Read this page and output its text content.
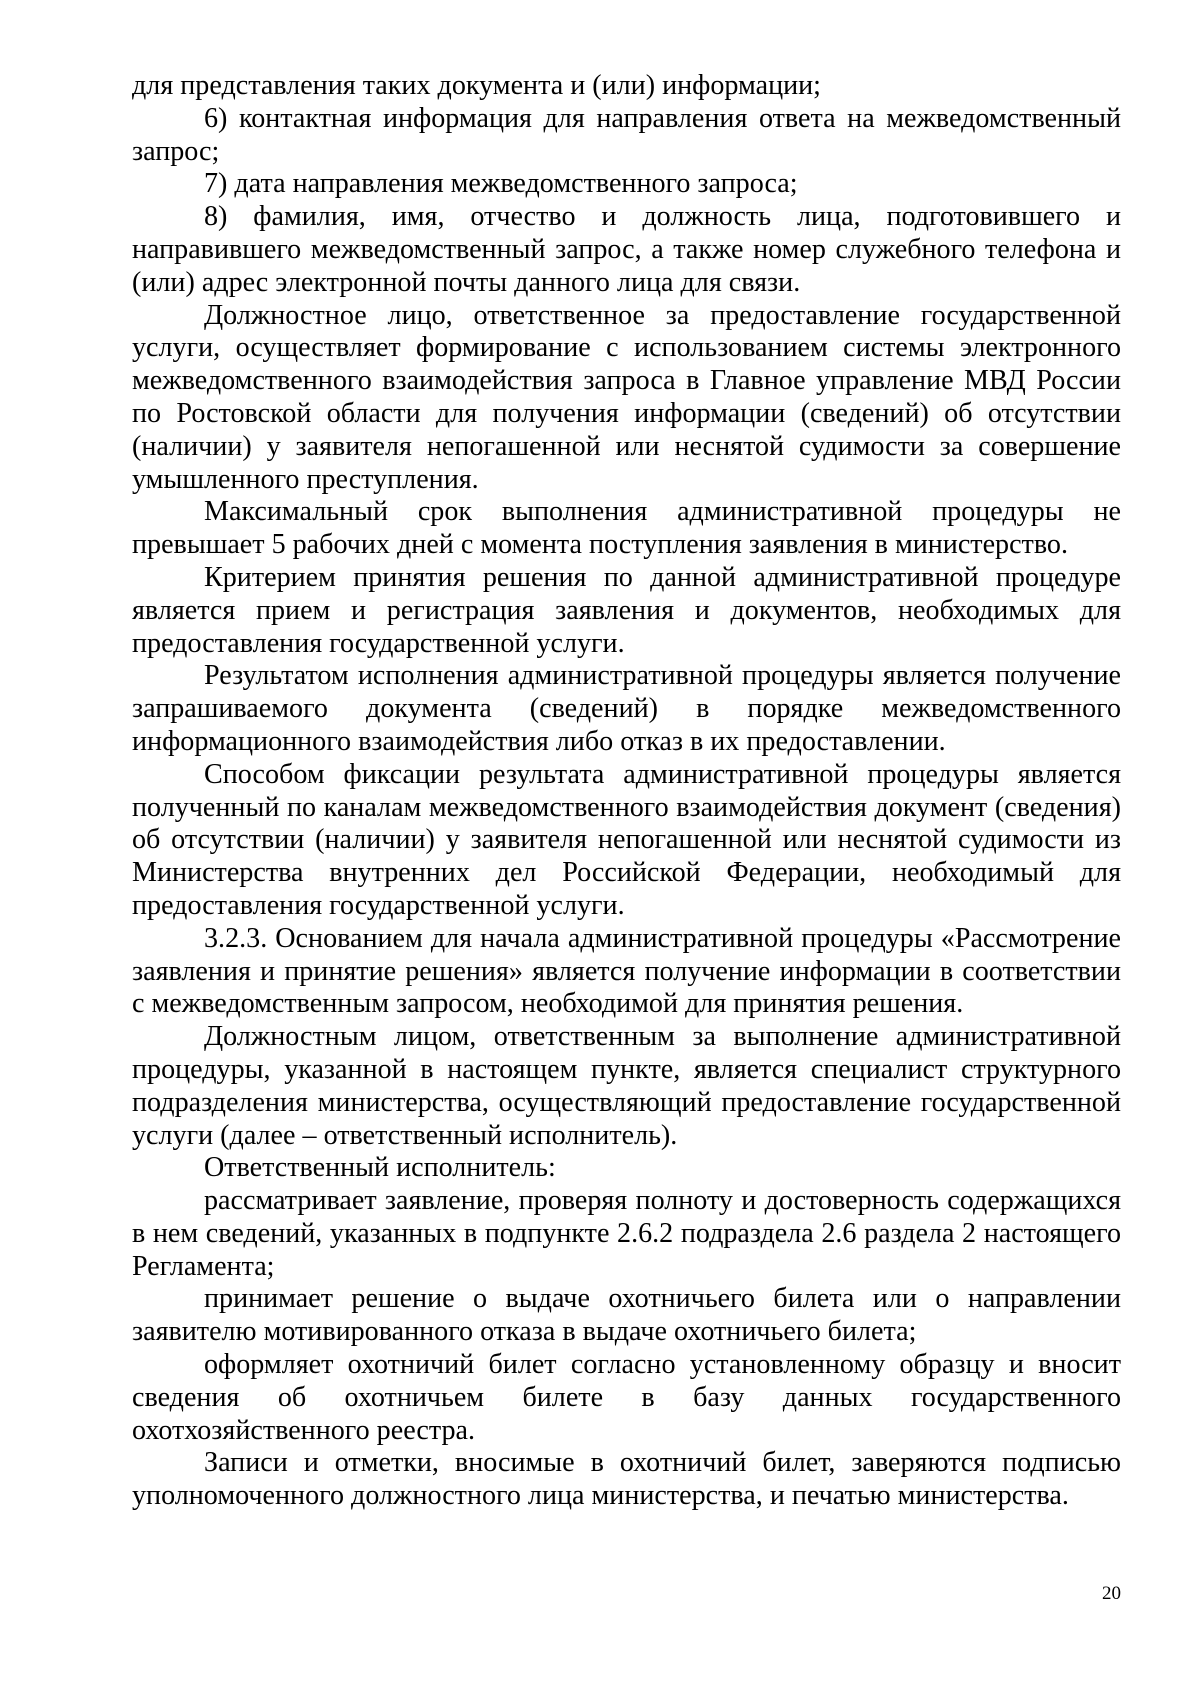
для представления таких документа и (или) информации;

6) контактная информация для направления ответа на межведомственный запрос;

7) дата направления межведомственного запроса;

8) фамилия, имя, отчество и должность лица, подготовившего и направившего межведомственный запрос, а также номер служебного телефона и (или) адрес электронной почты данного лица для связи.

Должностное лицо, ответственное за предоставление государственной услуги, осуществляет формирование с использованием системы электронного межведомственного взаимодействия запроса в Главное управление МВД России по Ростовской области для получения информации (сведений) об отсутствии (наличии) у заявителя непогашенной или неснятой судимости за совершение умышленного преступления.

Максимальный срок выполнения административной процедуры не превышает 5 рабочих дней с момента поступления заявления в министерство.

Критерием принятия решения по данной административной процедуре является прием и регистрация заявления и документов, необходимых для предоставления государственной услуги.

Результатом исполнения административной процедуры является получение запрашиваемого документа (сведений) в порядке межведомственного информационного взаимодействия либо отказ в их предоставлении.

Способом фиксации результата административной процедуры является полученный по каналам межведомственного взаимодействия документ (сведения) об отсутствии (наличии) у заявителя непогашенной или неснятой судимости из Министерства внутренних дел Российской Федерации, необходимый для предоставления государственной услуги.

3.2.3. Основанием для начала административной процедуры «Рассмотрение заявления и принятие решения» является получение информации в соответствии с межведомственным запросом, необходимой для принятия решения.

Должностным лицом, ответственным за выполнение административной процедуры, указанной в настоящем пункте, является специалист структурного подразделения министерства, осуществляющий предоставление государственной услуги (далее – ответственный исполнитель).

Ответственный исполнитель:

рассматривает заявление, проверяя полноту и достоверность содержащихся в нем сведений, указанных в подпункте 2.6.2 подраздела 2.6 раздела 2 настоящего Регламента;

принимает решение о выдаче охотничьего билета или о направлении заявителю мотивированного отказа в выдаче охотничьего билета;

оформляет охотничий билет согласно установленному образцу и вносит сведения об охотничьем билете в базу данных государственного охотхозяйственного реестра.

Записи и отметки, вносимые в охотничий билет, заверяются подписью уполномоченного должностного лица министерства, и печатью министерства.

20
